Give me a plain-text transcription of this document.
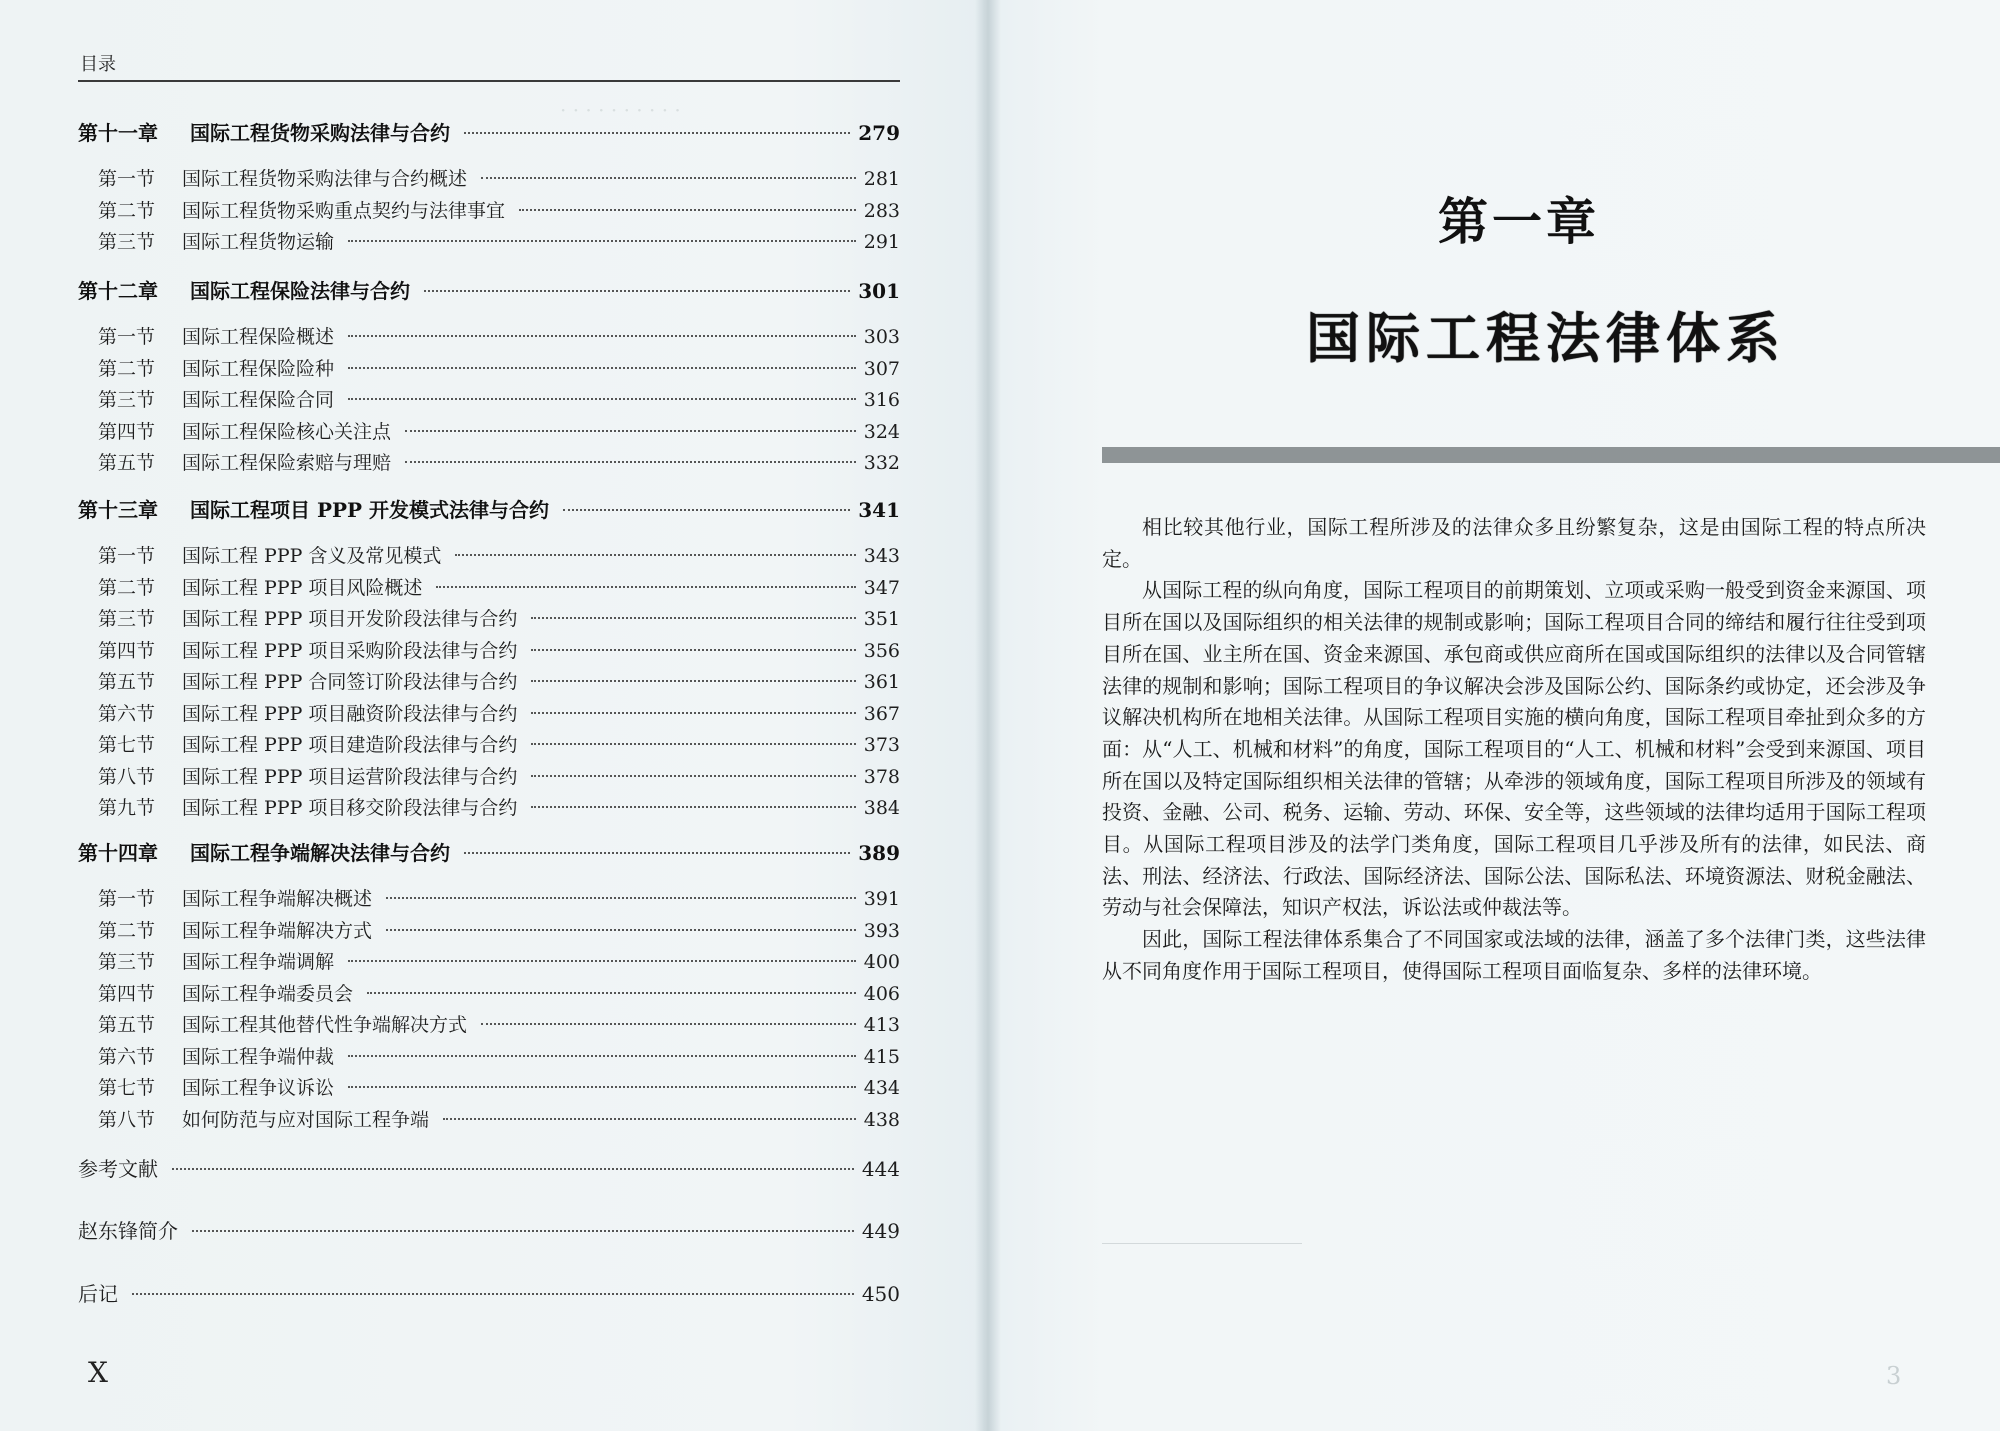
· · · · · · · · · ·
目录
第十一章	国际工程货物采购法律与合约	279
第一节	国际工程货物采购法律与合约概述	281
第二节	国际工程货物采购重点契约与法律事宜	283
第三节	国际工程货物运输	291
第十二章	国际工程保险法律与合约	301
第一节	国际工程保险概述	303
第二节	国际工程保险险种	307
第三节	国际工程保险合同	316
第四节	国际工程保险核心关注点	324
第五节	国际工程保险索赔与理赔	332
第十三章	国际工程项目 PPP 开发模式法律与合约	341
第一节	国际工程 PPP 含义及常见模式	343
第二节	国际工程 PPP 项目风险概述	347
第三节	国际工程 PPP 项目开发阶段法律与合约	351
第四节	国际工程 PPP 项目采购阶段法律与合约	356
第五节	国际工程 PPP 合同签订阶段法律与合约	361
第六节	国际工程 PPP 项目融资阶段法律与合约	367
第七节	国际工程 PPP 项目建造阶段法律与合约	373
第八节	国际工程 PPP 项目运营阶段法律与合约	378
第九节	国际工程 PPP 项目移交阶段法律与合约	384
第十四章	国际工程争端解决法律与合约	389
第一节	国际工程争端解决概述	391
第二节	国际工程争端解决方式	393
第三节	国际工程争端调解	400
第四节	国际工程争端委员会	406
第五节	国际工程其他替代性争端解决方式	413
第六节	国际工程争端仲裁	415
第七节	国际工程争议诉讼	434
第八节	如何防范与应对国际工程争端	438
参考文献	444
赵东锋简介	449
后记	450
X
第一章
国际工程法律体系

相比较其他行业，国际工程所涉及的法律众多且纷繁复杂，这是由国际工程的特点所决定。

从国际工程的纵向角度，国际工程项目的前期策划、立项或采购一般受到资金来源国、项目所在国以及国际组织的相关法律的规制或影响；国际工程项目合同的缔结和履行往往受到项目所在国、业主所在国、资金来源国、承包商或供应商所在国或国际组织的法律以及合同管辖法律的规制和影响；国际工程项目的争议解决会涉及国际公约、国际条约或协定，还会涉及争议解决机构所在地相关法律。从国际工程项目实施的横向角度，国际工程项目牵扯到众多的方面：从“人工、机械和材料”的角度，国际工程项目的“人工、机械和材料”会受到来源国、项目所在国以及特定国际组织相关法律的管辖；从牵涉的领域角度，国际工程项目所涉及的领域有投资、金融、公司、税务、运输、劳动、环保、安全等，这些领域的法律均适用于国际工程项目。从国际工程项目涉及的法学门类角度，国际工程项目几乎涉及所有的法律，如民法、商法、刑法、经济法、行政法、国际经济法、国际公法、国际私法、环境资源法、财税金融法、劳动与社会保障法，知识产权法，诉讼法或仲裁法等。

因此，国际工程法律体系集合了不同国家或法域的法律，涵盖了多个法律门类，这些法律从不同角度作用于国际工程项目，使得国际工程项目面临复杂、多样的法律环境。

3
